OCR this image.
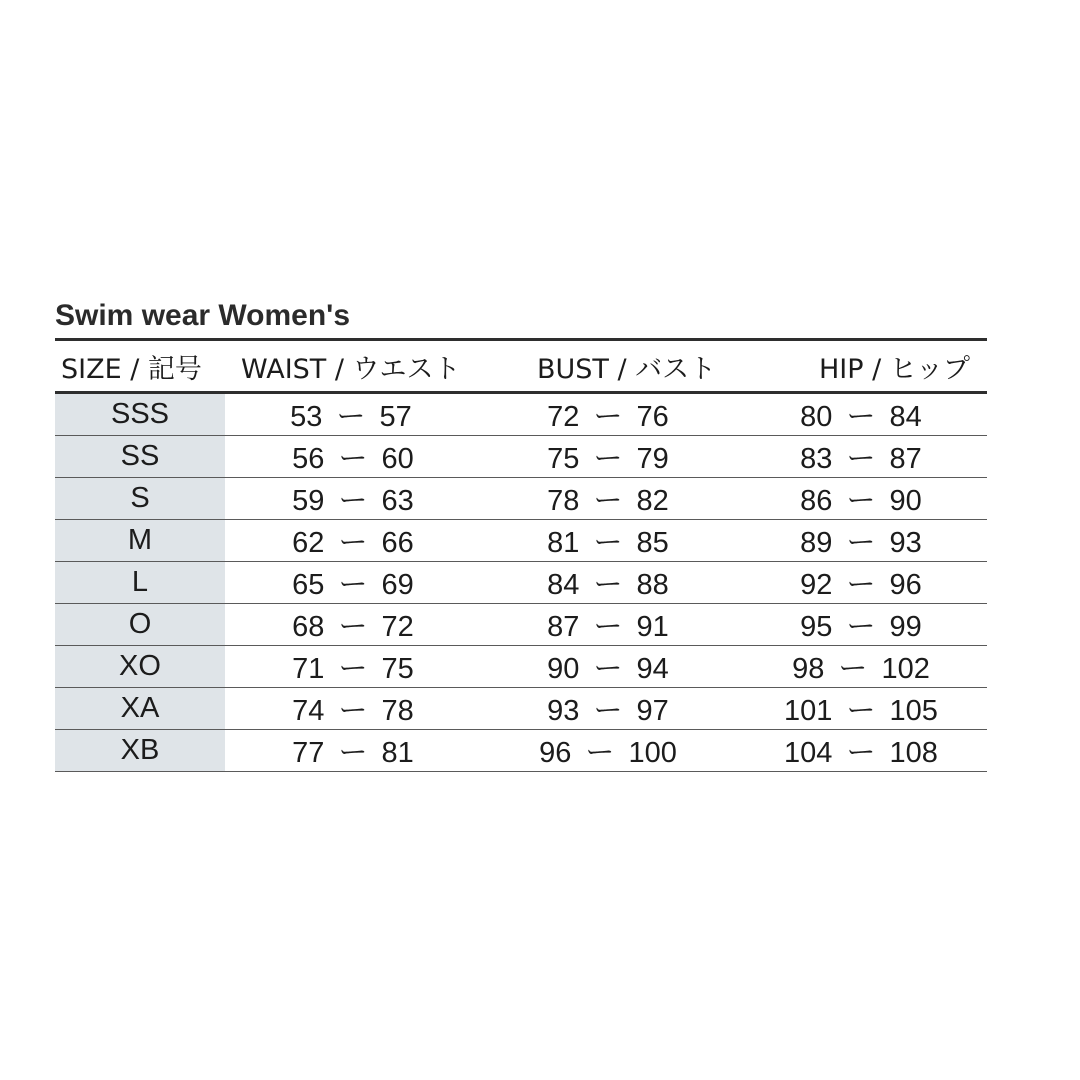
Swim wear Women's
SIZE / 記号	WAIST / ウエスト	BUST / バスト	HIP / ヒップ
SSS	53 ー 57	72 ー 76	80 ー 84
SS	56 ー 60	75 ー 79	83 ー 87
S	59 ー 63	78 ー 82	86 ー 90
M	62 ー 66	81 ー 85	89 ー 93
L	65 ー 69	84 ー 88	92 ー 96
O	68 ー 72	87 ー 91	95 ー 99
XO	71 ー 75	90 ー 94	98 ー 102
XA	74 ー 78	93 ー 97	101 ー 105
XB	77 ー 81	96 ー 100	104 ー 108
